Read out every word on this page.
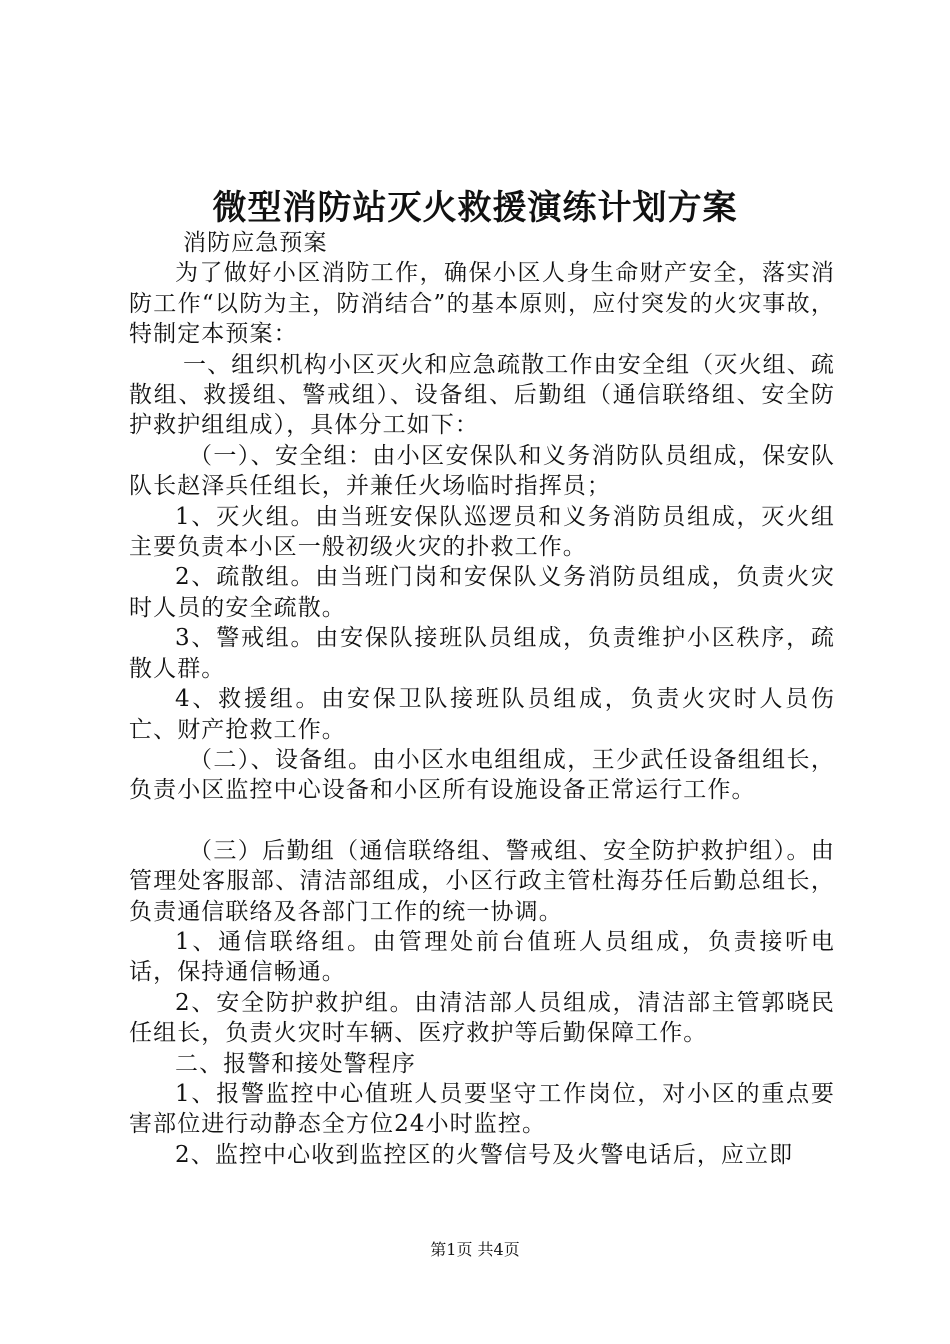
微型消防站灭火救援演练计划方案

消防应急预案

为了做好小区消防工作，确保小区人身生命财产安全，落实消防工作“以防为主，防消结合”的基本原则，应付突发的火灾事故，特制定本预案：

一、组织机构小区灭火和应急疏散工作由安全组（灭火组、疏散组、救援组、警戒组）、设备组、后勤组（通信联络组、安全防护救护组组成），具体分工如下：

（一）、安全组：由小区安保队和义务消防队员组成，保安队队长赵泽兵任组长，并兼任火场临时指挥员；

1、灭火组。由当班安保队巡逻员和义务消防员组成，灭火组主要负责本小区一般初级火灾的扑救工作。

2、疏散组。由当班门岗和安保队义务消防员组成，负责火灾时人员的安全疏散。

3、警戒组。由安保队接班队员组成，负责维护小区秩序，疏散人群。

4、救援组。由安保卫队接班队员组成，负责火灾时人员伤亡、财产抢救工作。

（二）、设备组。由小区水电组组成，王少武任设备组组长，负责小区监控中心设备和小区所有设施设备正常运行工作。

（三）后勤组（通信联络组、警戒组、安全防护救护组）。由管理处客服部、清洁部组成，小区行政主管杜海芬任后勤总组长，负责通信联络及各部门工作的统一协调。

1、通信联络组。由管理处前台值班人员组成，负责接听电话，保持通信畅通。

2、安全防护救护组。由清洁部人员组成，清洁部主管郭晓民任组长，负责火灾时车辆、医疗救护等后勤保障工作。

二、报警和接处警程序

1、报警监控中心值班人员要坚守工作岗位，对小区的重点要害部位进行动静态全方位24小时监控。

2、监控中心收到监控区的火警信号及火警电话后，应立即

第1页 共4页
